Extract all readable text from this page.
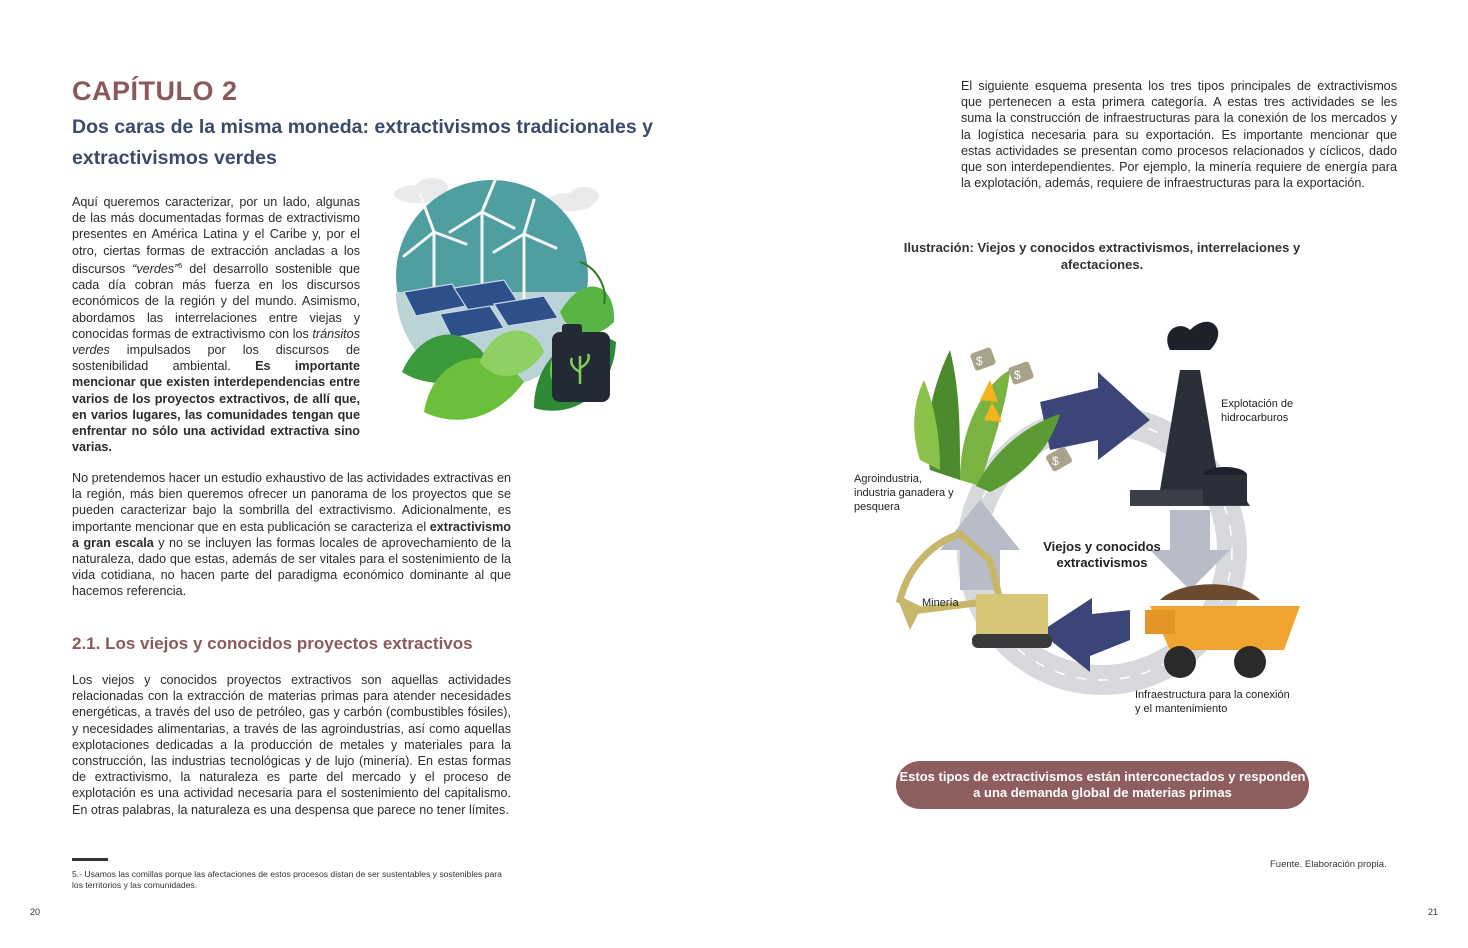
CAPÍTULO 2
Dos caras de la misma moneda: extractivismos tradicionales y extractivismos verdes

Aquí queremos caracterizar, por un lado, algunas de las más documentadas formas de extractivismo presentes en América Latina y el Caribe y, por el otro, ciertas formas de extracción ancladas a los discursos “verdes”$^5$ del desarrollo sostenible que cada día cobran más fuerza en los discursos económicos de la región y del mundo. Asimismo, abordamos las interrelaciones entre viejas y conocidas formas de extractivismo con los tránsitos verdes impulsados por los discursos de sostenibilidad ambiental. Es importante mencionar que existen interdependencias entre varios de los proyectos extractivos, de allí que, en varios lugares, las comunidades tengan que enfrentar no sólo una actividad extractiva sino varias.

No pretendemos hacer un estudio exhaustivo de las actividades extractivas en la región, más bien queremos ofrecer un panorama de los proyectos que se pueden caracterizar bajo la sombrilla del extractivismo. Adicionalmente, es importante mencionar que en esta publicación se caracteriza el extractivismo a gran escala y no se incluyen las formas locales de aprovechamiento de la naturaleza, dado que estas, además de ser vitales para el sostenimiento de la vida cotidiana, no hacen parte del paradigma económico dominante al que hacemos referencia.

2.1. Los viejos y conocidos proyectos extractivos

Los viejos y conocidos proyectos extractivos son aquellas actividades relacionadas con la extracción de materias primas para atender necesidades energéticas, a través del uso de petróleo, gas y carbón (combustibles fósiles), y necesidades alimentarias, a través de las agroindustrias, así como aquellas explotaciones dedicadas a la producción de metales y materiales para la construcción, las industrias tecnológicas y de lujo (minería). En estas formas de extractivismo, la naturaleza es parte del mercado y el proceso de explotación es una actividad necesaria para el sostenimiento del capitalismo. En otras palabras, la naturaleza es una despensa que parece no tener límites.

5.- Usamos las comillas porque las afectaciones de estos procesos distan de ser sustentables y sostenibles para los territorios y las comunidades.

20

El siguiente esquema presenta los tres tipos principales de extractivismos que pertenecen a esta primera categoría. A estas tres actividades se les suma la construcción de infraestructuras para la conexión de los mercados y la logística necesaria para su exportación. Es importante mencionar que estas actividades se presentan como procesos relacionados y cíclicos, dado que son interdependientes. Por ejemplo, la minería requiere de energía para la explotación, además, requiere de infraestructuras para la exportación.

Ilustración: Viejos y conocidos extractivismos, interrelaciones y afectaciones.

$
$
$

Explotación de hidrocarburos

Agroindustria, industria ganadera y pesquera

Minería

Infraestructura para la conexión y el mantenimiento

Viejos y conocidos extractivismos

Estos tipos de extractivismos están interconectados y responden a una demanda global de materias primas

Fuente. Elaboración propia.

21
